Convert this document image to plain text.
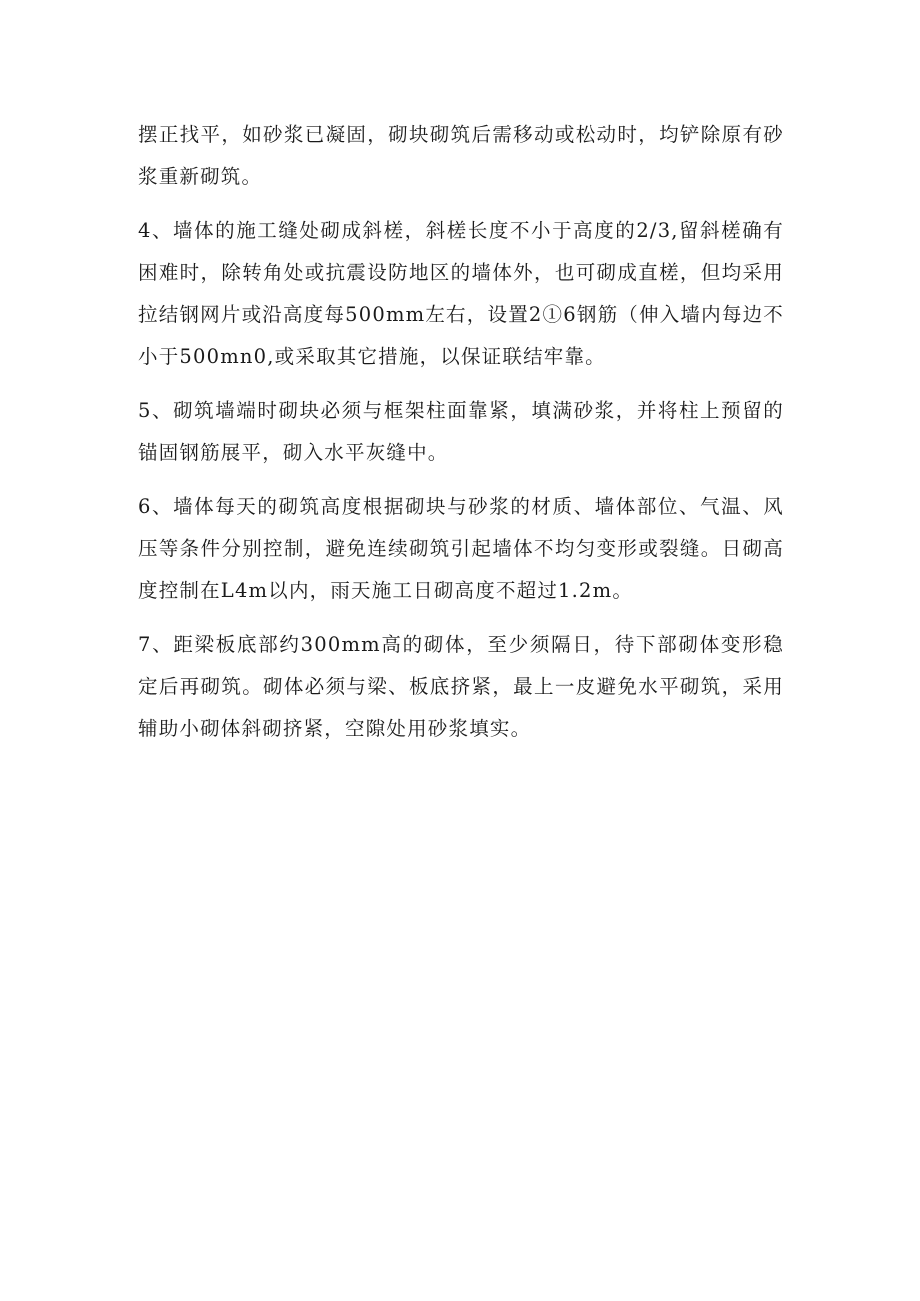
摆正找平，如砂浆已凝固，砌块砌筑后需移动或松动时，均铲除原有砂浆重新砌筑。

4、墙体的施工缝处砌成斜槎，斜槎长度不小于高度的2/3,留斜槎确有困难时，除转角处或抗震设防地区的墙体外，也可砌成直槎，但均采用拉结钢网片或沿高度每500mm左右，设置2①6钢筋（伸入墙内每边不小于500mn0,或采取其它措施，以保证联结牢靠。

5、砌筑墙端时砌块必须与框架柱面靠紧，填满砂浆，并将柱上预留的锚固钢筋展平，砌入水平灰缝中。

6、墙体每天的砌筑高度根据砌块与砂浆的材质、墙体部位、气温、风压等条件分别控制，避免连续砌筑引起墙体不均匀变形或裂缝。日砌高度控制在L4m以内，雨天施工日砌高度不超过1.2m。

7、距梁板底部约300mm高的砌体，至少须隔日，待下部砌体变形稳定后再砌筑。砌体必须与梁、板底挤紧，最上一皮避免水平砌筑，采用辅助小砌体斜砌挤紧，空隙处用砂浆填实。
